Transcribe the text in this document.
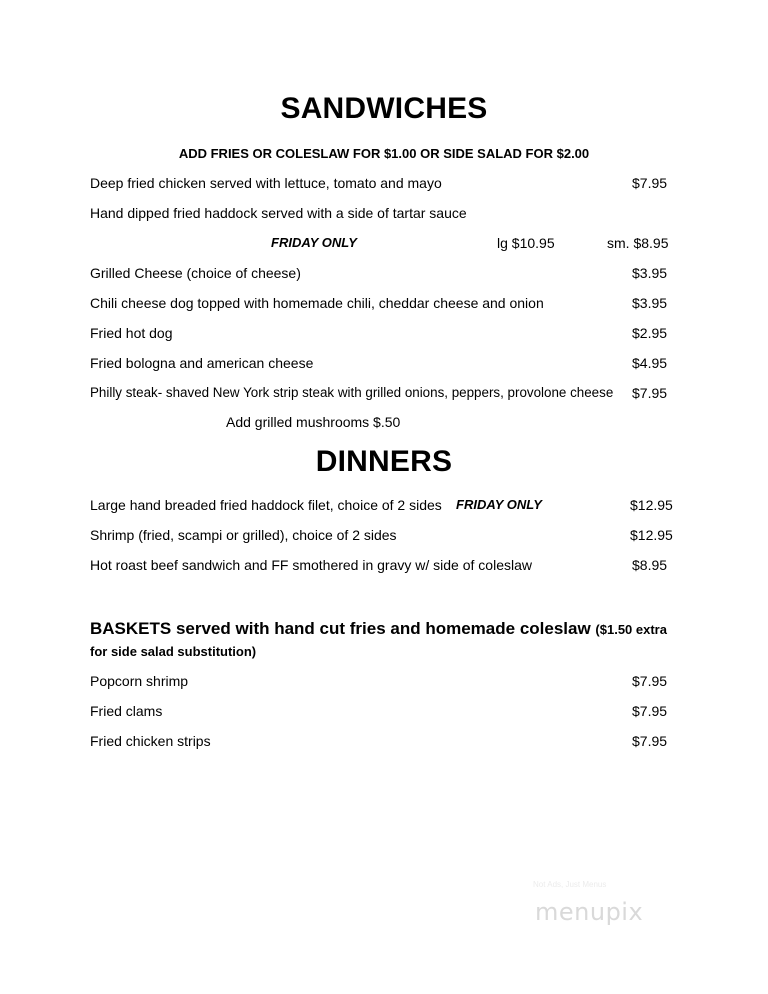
SANDWICHES
ADD FRIES OR COLESLAW FOR $1.00 OR SIDE SALAD FOR $2.00
Deep fried chicken served with lettuce, tomato and mayo	$7.95
Hand dipped fried haddock served with a side of tartar sauce
FRIDAY ONLY	lg $10.95	sm. $8.95
Grilled Cheese (choice of cheese)	$3.95
Chili cheese dog topped with homemade chili, cheddar cheese and onion	$3.95
Fried hot dog	$2.95
Fried bologna and american cheese	$4.95
Philly steak- shaved New York strip steak with grilled onions, peppers, provolone cheese $7.95
Add grilled mushrooms $.50
DINNERS
Large hand breaded fried haddock filet, choice of 2 sides FRIDAY ONLY	$12.95
Shrimp (fried, scampi or grilled), choice of 2 sides	$12.95
Hot roast beef sandwich and FF smothered in gravy w/ side of coleslaw	$8.95
BASKETS served with hand cut fries and homemade coleslaw ($1.50 extra
for side salad substitution)
Popcorn shrimp	$7.95
Fried clams	$7.95
Fried chicken strips	$7.95
Not Ads, Just Menus
menupix
